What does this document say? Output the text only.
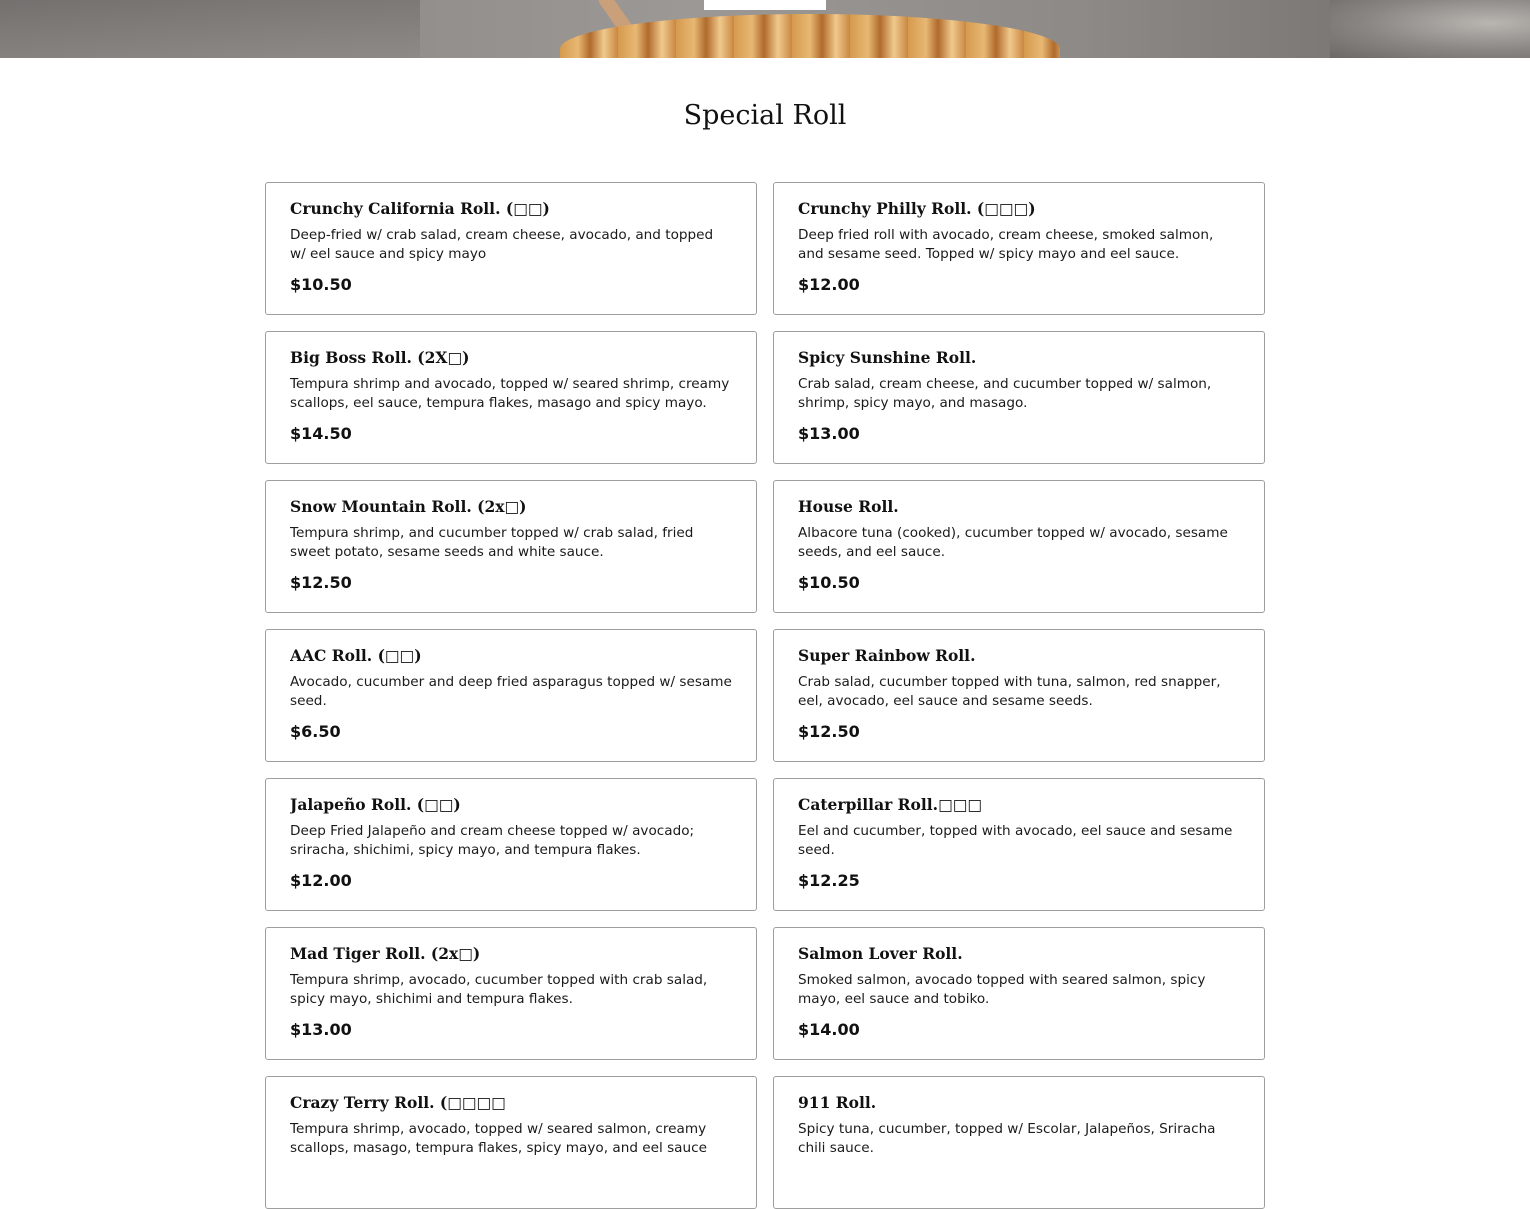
Special Roll
Crunchy California Roll. (□□)
Deep-fried w/ crab salad, cream cheese, avocado, and topped w/ eel sauce and spicy mayo
$10.50
Crunchy Philly Roll. (□□□)
Deep fried roll with avocado, cream cheese, smoked salmon, and sesame seed. Topped w/ spicy mayo and eel sauce.
$12.00
Big Boss Roll. (2X□)
Tempura shrimp and avocado, topped w/ seared shrimp, creamy scallops, eel sauce, tempura flakes, masago and spicy mayo.
$14.50
Spicy Sunshine Roll.
Crab salad, cream cheese, and cucumber topped w/ salmon, shrimp, spicy mayo, and masago.
$13.00
Snow Mountain Roll. (2x□)
Tempura shrimp, and cucumber topped w/ crab salad, fried sweet potato, sesame seeds and white sauce.
$12.50
House Roll.
Albacore tuna (cooked), cucumber topped w/ avocado, sesame seeds, and eel sauce.
$10.50
AAC Roll. (□□)
Avocado, cucumber and deep fried asparagus topped w/ sesame seed.
$6.50
Super Rainbow Roll.
Crab salad, cucumber topped with tuna, salmon, red snapper, eel, avocado, eel sauce and sesame seeds.
$12.50
Jalapeño Roll. (□□)
Deep Fried Jalapeño and cream cheese topped w/ avocado; sriracha, shichimi, spicy mayo, and tempura flakes.
$12.00
Caterpillar Roll.□□□
Eel and cucumber, topped with avocado, eel sauce and sesame seed.
$12.25
Mad Tiger Roll. (2x□)
Tempura shrimp, avocado, cucumber topped with crab salad, spicy mayo, shichimi and tempura flakes.
$13.00
Salmon Lover Roll.
Smoked salmon, avocado topped with seared salmon, spicy mayo, eel sauce and tobiko.
$14.00
Crazy Terry Roll. (□□□□
Tempura shrimp, avocado, topped w/ seared salmon, creamy scallops, masago, tempura flakes, spicy mayo, and eel sauce
911 Roll.
Spicy tuna, cucumber, topped w/ Escolar, Jalapeños, Sriracha chili sauce.
